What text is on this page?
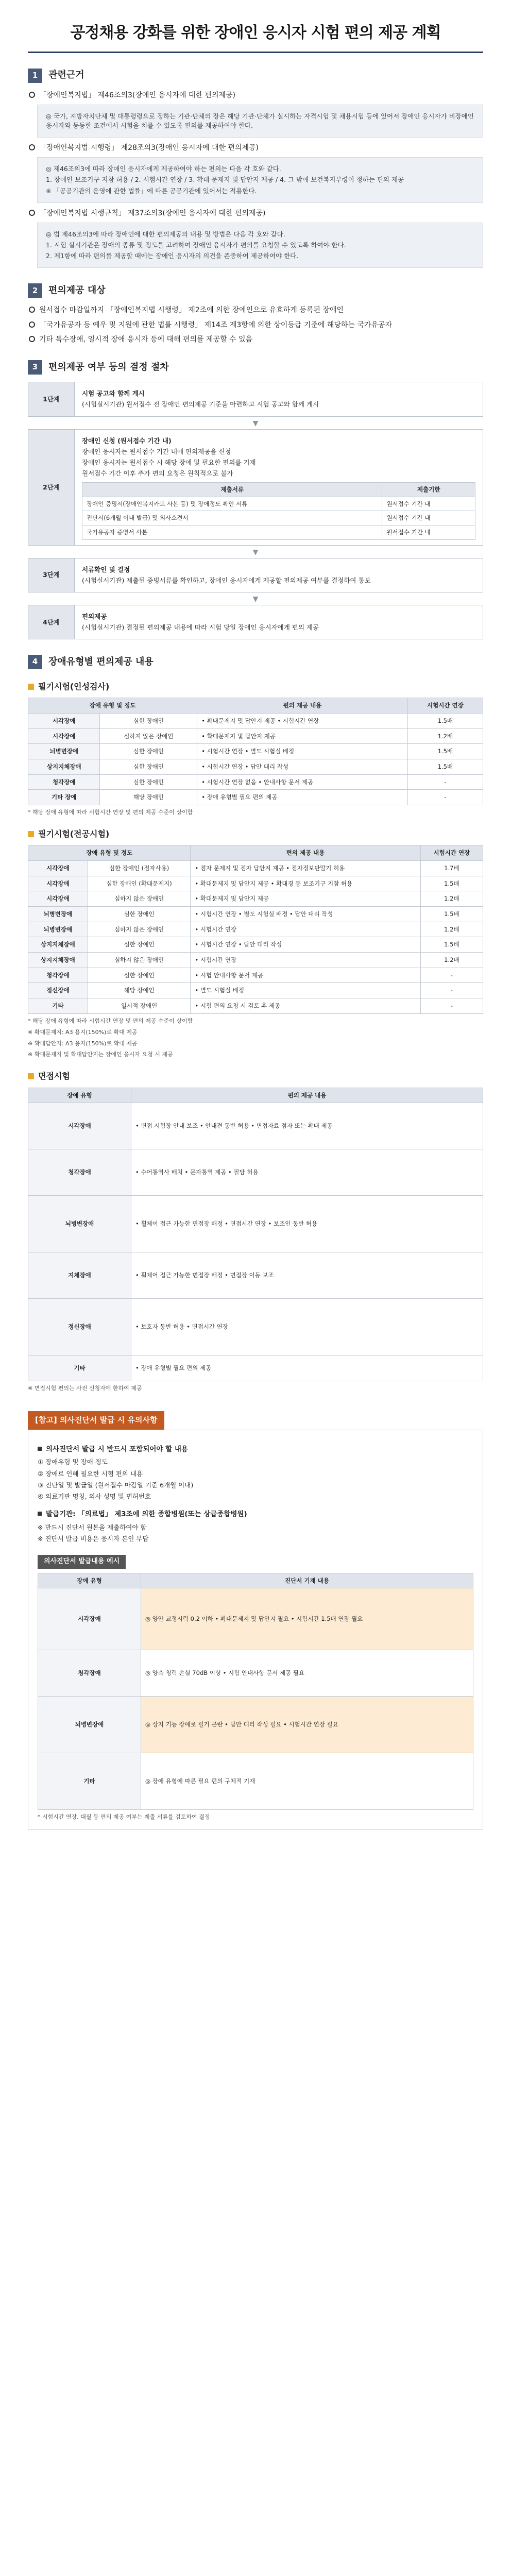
공정채용 강화를 위한 장애인 응시자 시험 편의 제공 계획
1	관련근거
「장애인복지법」 제46조의3(장애인 응시자에 대한 편의제공)

◎ 국가, 지방자치단체 및 대통령령으로 정하는 기관·단체의 장은 해당 기관·단체가 실시하는 자격시험 및 채용시험 등에 있어서 장애인 응시자가 비장애인 응시자와 동등한 조건에서 시험을 치를 수 있도록 편의를 제공하여야 한다.

「장애인복지법 시행령」 제28조의3(장애인 응시자에 대한 편의제공)

◎ 제46조의3에 따라 장애인 응시자에게 제공하여야 하는 편의는 다음 각 호와 같다.

1. 장애인 보조기구 지참 허용 / 2. 시험시간 연장 / 3. 확대 문제지 및 답안지 제공 / 4. 그 밖에 보건복지부령이 정하는 편의 제공

※ 「공공기관의 운영에 관한 법률」에 따른 공공기관에 있어서는 적용한다.

「장애인복지법 시행규칙」 제37조의3(장애인 응시자에 대한 편의제공)

◎ 법 제46조의3에 따라 장애인에 대한 편의제공의 내용 및 방법은 다음 각 호와 같다.

1. 시험 실시기관은 장애의 종류 및 정도를 고려하여 장애인 응시자가 편의를 요청할 수 있도록 하여야 한다.

2. 제1항에 따라 편의를 제공할 때에는 장애인 응시자의 의견을 존중하여 제공하여야 한다.

2	편의제공 대상
원서접수 마감일까지 「장애인복지법 시행령」 제2조에 의한 장애인으로 유효하게 등록된 장애인
「국가유공자 등 예우 및 지원에 관한 법률 시행령」 제14조 제3항에 의한 상이등급 기준에 해당하는 국가유공자
기타 특수장애, 일시적 장애 응시자 등에 대해 편의를 제공할 수 있음
3	편의제공 여부 등의 결정 절차
1단계

시험 공고와 함께 게시

(시험실시기관) 원서접수 전 장애인 편의제공 기준을 마련하고 시험 공고와 함께 게시

▼
2단계

장애인 신청 (원서접수 기간 내)

장애인 응시자는 원서접수 기간 내에 편의제공을 신청

장애인 응시자는 원서접수 시 해당 장애 및 필요한 편의를 기재

원서접수 기간 이후 추가 편의 요청은 원칙적으로 불가

제출서류	제출기한
장애인 증명서(장애인복지카드 사본 등) 및 장애정도 확인 서류	원서접수 기간 내
진단서(6개월 이내 발급) 및 의사소견서	원서접수 기간 내
국가유공자 증명서 사본	원서접수 기간 내
▼
3단계

서류확인 및 결정

(시험실시기관) 제출된 증빙서류를 확인하고, 장애인 응시자에게 제공할 편의제공 여부를 결정하여 통보

▼
4단계

편의제공

(시험실시기관) 결정된 편의제공 내용에 따라 시험 당일 장애인 응시자에게 편의 제공

4	장애유형별 편의제공 내용
필기시험(인성검사)
장애 유형 및 정도		편의 제공 내용	시험시간 연장
시각장애	심한 장애인	• 확대문제지 및 답안지 제공 • 시험시간 연장	1.5배
시각장애	심하지 않은 장애인	• 확대문제지 및 답안지 제공	1.2배
뇌병변장애	심한 장애인	• 시험시간 연장 • 별도 시험실 배정	1.5배
상지지체장애	심한 장애인	• 시험시간 연장 • 답안 대리 작성	1.5배
청각장애	심한 장애인	• 시험시간 연장 없음 • 안내사항 문서 제공	-
기타 장애	해당 장애인	• 장애 유형별 필요 편의 제공	-
* 해당 장애 유형에 따라 시험시간 연장 및 편의 제공 수준이 상이함
필기시험(전공시험)
장애 유형 및 정도		편의 제공 내용	시험시간 연장
시각장애	심한 장애인 (점자사용)	• 점자 문제지 및 점자 답안지 제공 • 점자정보단말기 허용	1.7배
시각장애	심한 장애인 (확대문제지)	• 확대문제지 및 답안지 제공 • 확대경 등 보조기구 지참 허용	1.5배
시각장애	심하지 않은 장애인	• 확대문제지 및 답안지 제공	1.2배
뇌병변장애	심한 장애인	• 시험시간 연장 • 별도 시험실 배정 • 답안 대리 작성	1.5배
뇌병변장애	심하지 않은 장애인	• 시험시간 연장	1.2배
상지지체장애	심한 장애인	• 시험시간 연장 • 답안 대리 작성	1.5배
상지지체장애	심하지 않은 장애인	• 시험시간 연장	1.2배
청각장애	심한 장애인	• 시험 안내사항 문서 제공	-
정신장애	해당 장애인	• 별도 시험실 배정	-
기타	일시적 장애인	• 시험 편의 요청 시 검토 후 제공	-
* 해당 장애 유형에 따라 시험시간 연장 및 편의 제공 수준이 상이함
※ 확대문제지: A3 용지(150%)로 확대 제공
※ 확대답안지: A3 용지(150%)로 확대 제공
※ 확대문제지 및 확대답안지는 장애인 응시자 요청 시 제공
면접시험
장애 유형	편의 제공 내용
시각장애	• 면접 시험장 안내 보조 • 안내견 동반 허용 • 면접자료 점자 또는 확대 제공
청각장애	• 수어통역사 배치 • 문자통역 제공 • 필담 허용
뇌병변장애	• 휠체어 접근 가능한 면접장 배정 • 면접시간 연장 • 보조인 동반 허용
지체장애	• 휠체어 접근 가능한 면접장 배정 • 면접장 이동 보조
정신장애	• 보호자 동반 허용 • 면접시간 연장
기타	• 장애 유형별 필요 편의 제공
※ 면접시험 편의는 사전 신청자에 한하여 제공
[참고] 의사진단서 발급 시 유의사항
의사진단서 발급 시 반드시 포함되어야 할 내용

① 장애유형 및 장애 정도

② 장애로 인해 필요한 시험 편의 내용

③ 진단일 및 발급일 (원서접수 마감일 기준 6개월 이내)

④ 의료기관 명칭, 의사 성명 및 면허번호

발급기관: 「의료법」 제3조에 의한 종합병원(또는 상급종합병원)

※ 반드시 진단서 원본을 제출하여야 함

※ 진단서 발급 비용은 응시자 본인 부담

의사진단서 발급내용 예시
장애 유형	진단서 기재 내용
시각장애	◎ 양안 교정시력 0.2 이하 • 확대문제지 및 답안지 필요 • 시험시간 1.5배 연장 필요
청각장애	◎ 양측 청력 손실 70dB 이상 • 시험 안내사항 문서 제공 필요
뇌병변장애	◎ 상지 기능 장애로 필기 곤란 • 답안 대리 작성 필요 • 시험시간 연장 필요
기타	◎ 장애 유형에 따른 필요 편의 구체적 기재
* 시험시간 연장, 대필 등 편의 제공 여부는 제출 서류를 검토하여 결정
